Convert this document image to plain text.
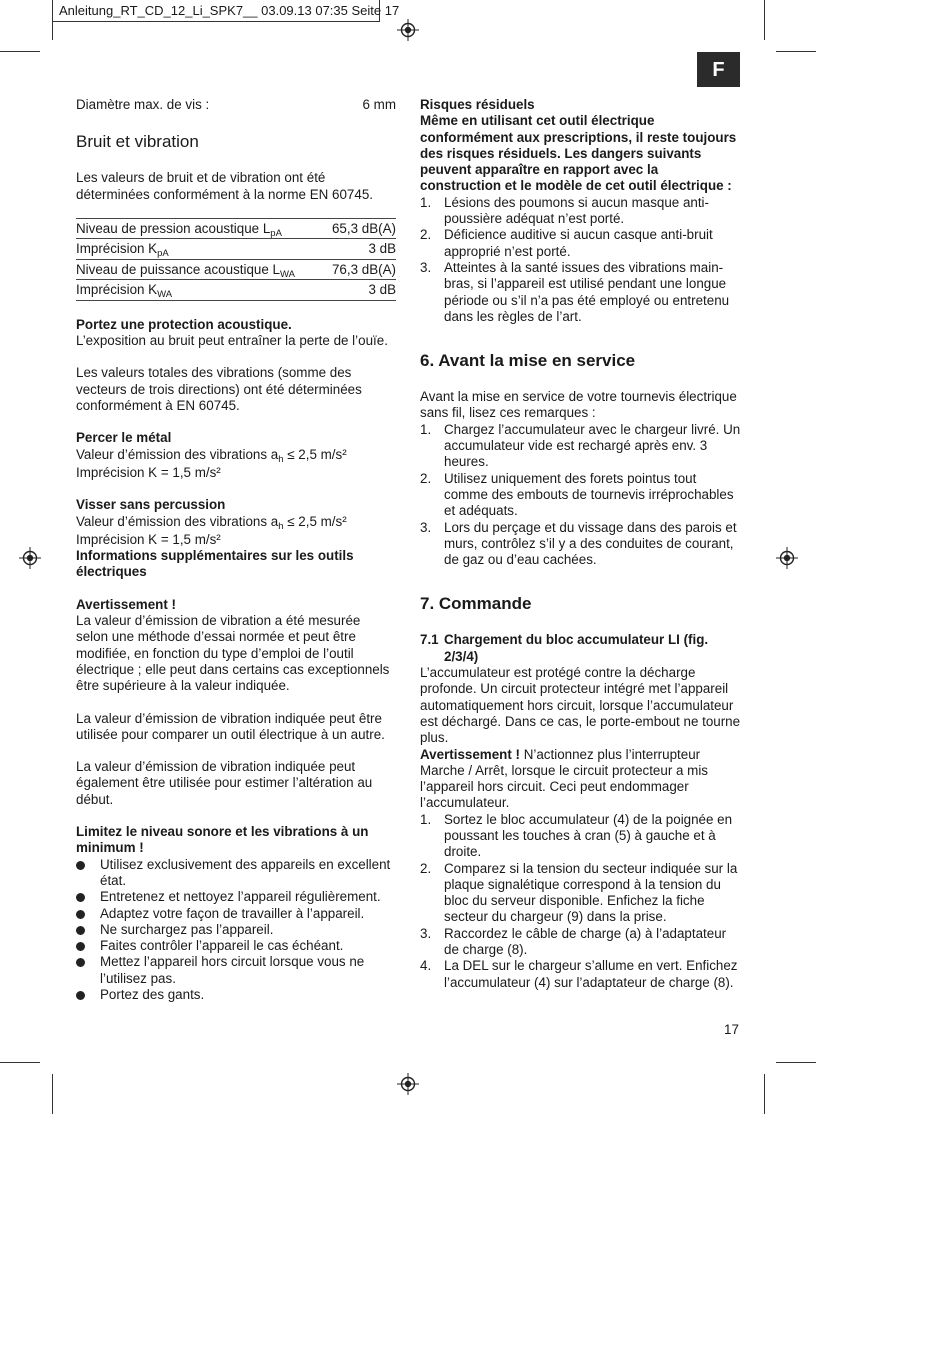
Anleitung_RT_CD_12_Li_SPK7__ 03.09.13 07:35 Seite 17
F
Diamètre max. de vis :	6 mm

Bruit et vibration

Les valeurs de bruit et de vibration ont été déterminées conformément à la norme EN 60745.

Niveau de pression acoustique $L_{pA}$	65,3 dB(A)
Imprécision $K_{pA}$	3 dB
Niveau de puissance acoustique $L_{WA}$	76,3 dB(A)
Imprécision $K_{WA}$	3 dB

Portez une protection acoustique.

L’exposition au bruit peut entraîner la perte de l’ouïe.

Les valeurs totales des vibrations (somme des vecteurs de trois directions) ont été déterminées conformément à EN 60745.

Percer le métal

Valeur d’émission des vibrations $a_h \le 2,5$ m/s²

Imprécision K = 1,5 m/s²

Visser sans percussion

Valeur d’émission des vibrations $a_h \le 2,5$ m/s²

Imprécision K = 1,5 m/s²

Informations supplémentaires sur les outils électriques

Avertissement !

La valeur d’émission de vibration a été mesurée selon une méthode d’essai normée et peut être modifiée, en fonction du type d’emploi de l’outil électrique ; elle peut dans certains cas exceptionnels être supérieure à la valeur indiquée.

La valeur d’émission de vibration indiquée peut être utilisée pour comparer un outil électrique à un autre.

La valeur d’émission de vibration indiquée peut également être utilisée pour estimer l’altération au début.

Limitez le niveau sonore et les vibrations à un minimum !

Utilisez exclusivement des appareils en excellent état.
Entretenez et nettoyez l’appareil régulièrement.
Adaptez votre façon de travailler à l’appareil.
Ne surchargez pas l’appareil.
Faites contrôler l’appareil le cas échéant.
Mettez l’appareil hors circuit lorsque vous ne l’utilisez pas.
Portez des gants.

Risques résiduels

Même en utilisant cet outil électrique conformément aux prescriptions, il reste toujours des risques résiduels. Les dangers suivants peuvent apparaître en rapport avec la construction et le modèle de cet outil électrique :

1. Lésions des poumons si aucun masque anti-poussière adéquat n’est porté.
2. Déficience auditive si aucun casque anti-bruit approprié n’est porté.
3. Atteintes à la santé issues des vibrations main-bras, si l’appareil est utilisé pendant une longue période ou s’il n’a pas été employé ou entretenu dans les règles de l’art.

6. Avant la mise en service

Avant la mise en service de votre tournevis électrique sans fil, lisez ces remarques :

1. Chargez l’accumulateur avec le chargeur livré. Un accumulateur vide est rechargé après env. 3 heures.
2. Utilisez uniquement des forets pointus tout comme des embouts de tournevis irréprochables et adéquats.
3. Lors du perçage et du vissage dans des parois et murs, contrôlez s’il y a des conduites de courant, de gaz ou d’eau cachées.

7. Commande

7.1 Chargement du bloc accumulateur LI (fig. 2/3/4)

L’accumulateur est protégé contre la décharge profonde. Un circuit protecteur intégré met l’appareil automatiquement hors circuit, lorsque l’accumulateur est déchargé. Dans ce cas, le porte-embout ne tourne plus.

Avertissement ! N’actionnez plus l’interrupteur Marche / Arrêt, lorsque le circuit protecteur a mis l’appareil hors circuit. Ceci peut endommager l’accumulateur.

1. Sortez le bloc accumulateur (4) de la poignée en poussant les touches à cran (5) à gauche et à droite.
2. Comparez si la tension du secteur indiquée sur la plaque signalétique correspond à la tension du bloc du serveur disponible. Enfichez la fiche secteur du chargeur (9) dans la prise.
3. Raccordez le câble de charge (a) à l’adaptateur de charge (8).
4. La DEL sur le chargeur s’allume en vert. Enfichez l’accumulateur (4) sur l’adaptateur de charge (8).
17
